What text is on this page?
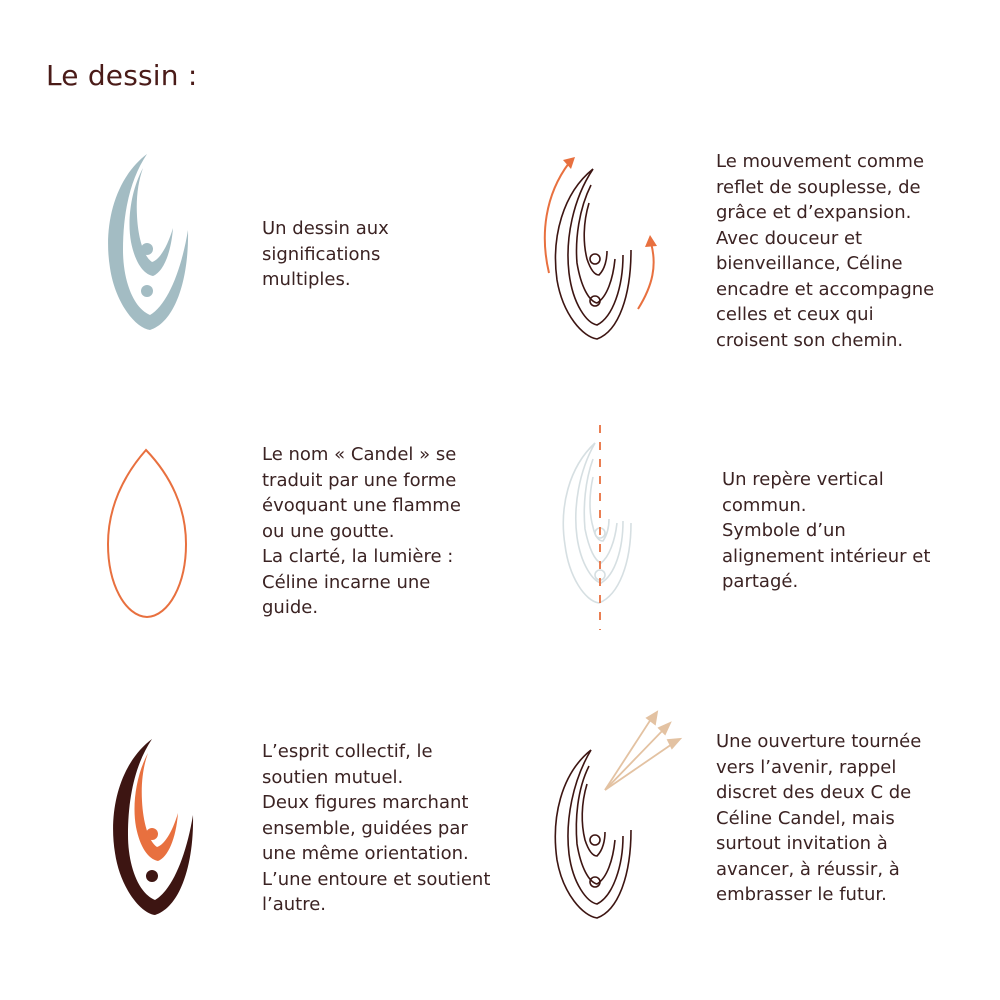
Le dessin :
Un dessin aux
significations
multiples.
Le mouvement comme
reflet de souplesse, de
grâce et d’expansion.
Avec douceur et
bienveillance, Céline
encadre et accompagne
celles et ceux qui
croisent son chemin.
Le nom « Candel » se
traduit par une forme
évoquant une flamme
ou une goutte.
La clarté, la lumière :
Céline incarne une
guide.
Un repère vertical
commun.
Symbole d’un
alignement intérieur et
partagé.
L’esprit collectif, le
soutien mutuel.
Deux figures marchant
ensemble, guidées par
une même orientation.
L’une entoure et soutient
l’autre.
Une ouverture tournée
vers l’avenir, rappel
discret des deux C de
Céline Candel, mais
surtout invitation à
avancer, à réussir, à
embrasser le futur.
